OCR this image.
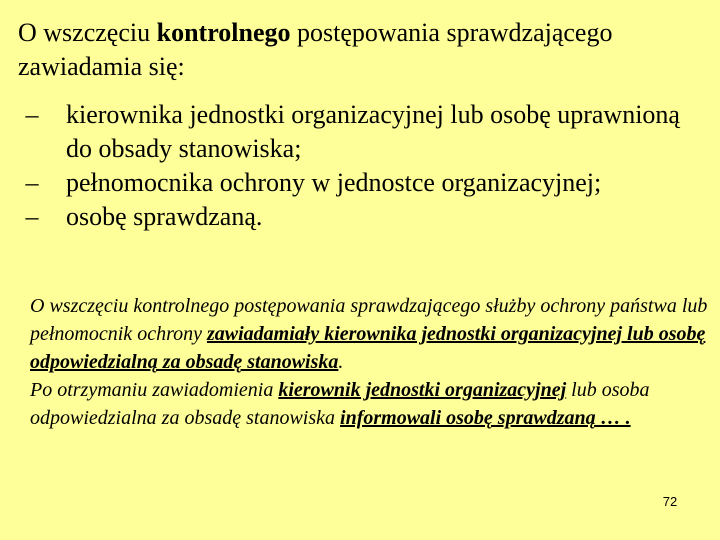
O wszczęciu kontrolnego postępowania sprawdzającego zawiadamia się:
– kierownika jednostki organizacyjnej lub osobę uprawnioną do obsady stanowiska;
– pełnomocnika ochrony w jednostce organizacyjnej;
– osobę sprawdzaną.

O wszczęciu kontrolnego postępowania sprawdzającego służby ochrony państwa lub pełnomocnik ochrony zawiadamiały kierownika jednostki organizacyjnej lub osobę odpowiedzialną za obsadę stanowiska.

Po otrzymaniu zawiadomienia kierownik jednostki organizacyjnej lub osoba odpowiedzialna za obsadę stanowiska informowali osobę sprawdzaną … .

72
